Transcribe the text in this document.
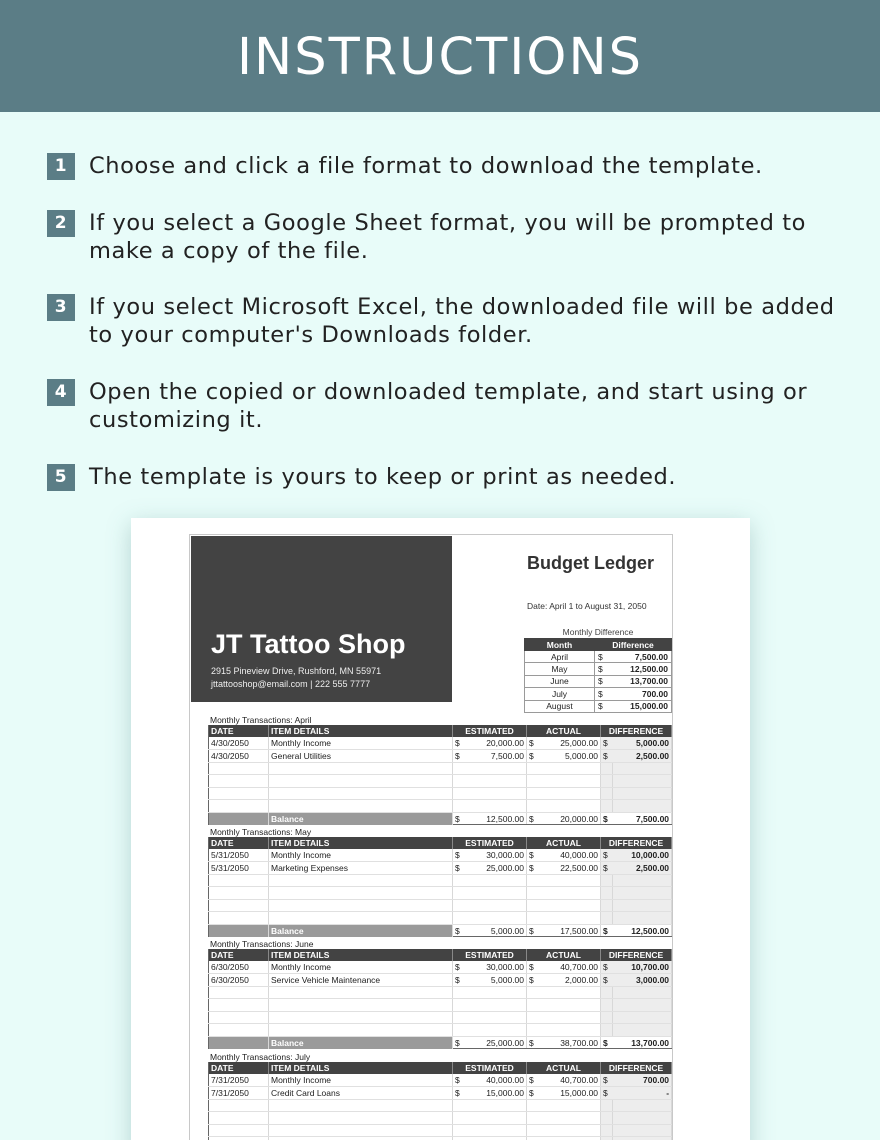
INSTRUCTIONS
1 Choose and click a file format to download the template.
2 If you select a Google Sheet format, you will be prompted to make a copy of the file.
3 If you select Microsoft Excel, the downloaded file will be added to your computer's Downloads folder.
4 Open the copied or downloaded template, and start using or customizing it.
5 The template is yours to keep or print as needed.
JT Tattoo Shop
2915 Pineview Drive, Rushford, MN 55971
jttattooshop@email.com | 222 555 7777
Budget Ledger
Date: April 1 to August 31, 2050
Monthly Difference
Month	Difference	
April	$	7,500.00
May	$	12,500.00
June	$	13,700.00
July	$	700.00
August	$	15,000.00
Monthly Transactions: April
DATE	ITEM DETAILS	ESTIMATED		ACTUAL		DIFFERENCE	
4/30/2050	Monthly Income	$	20,000.00	$	25,000.00	$	5,000.00
4/30/2050	General Utilities	$	7,500.00	$	5,000.00	$	2,500.00

	Balance	$	12,500.00	$	20,000.00	$	7,500.00
Monthly Transactions: May
DATE	ITEM DETAILS	ESTIMATED		ACTUAL		DIFFERENCE	
5/31/2050	Monthly Income	$	30,000.00	$	40,000.00	$	10,000.00
5/31/2050	Marketing Expenses	$	25,000.00	$	22,500.00	$	2,500.00

	Balance	$	5,000.00	$	17,500.00	$	12,500.00
Monthly Transactions: June
DATE	ITEM DETAILS	ESTIMATED		ACTUAL		DIFFERENCE	
6/30/2050	Monthly Income	$	30,000.00	$	40,700.00	$	10,700.00
6/30/2050	Service Vehicle Maintenance	$	5,000.00	$	2,000.00	$	3,000.00

	Balance	$	25,000.00	$	38,700.00	$	13,700.00
Monthly Transactions: July
DATE	ITEM DETAILS	ESTIMATED		ACTUAL		DIFFERENCE	
7/31/2050	Monthly Income	$	40,000.00	$	40,700.00	$	700.00
7/31/2050	Credit Card Loans	$	15,000.00	$	15,000.00	$	-
